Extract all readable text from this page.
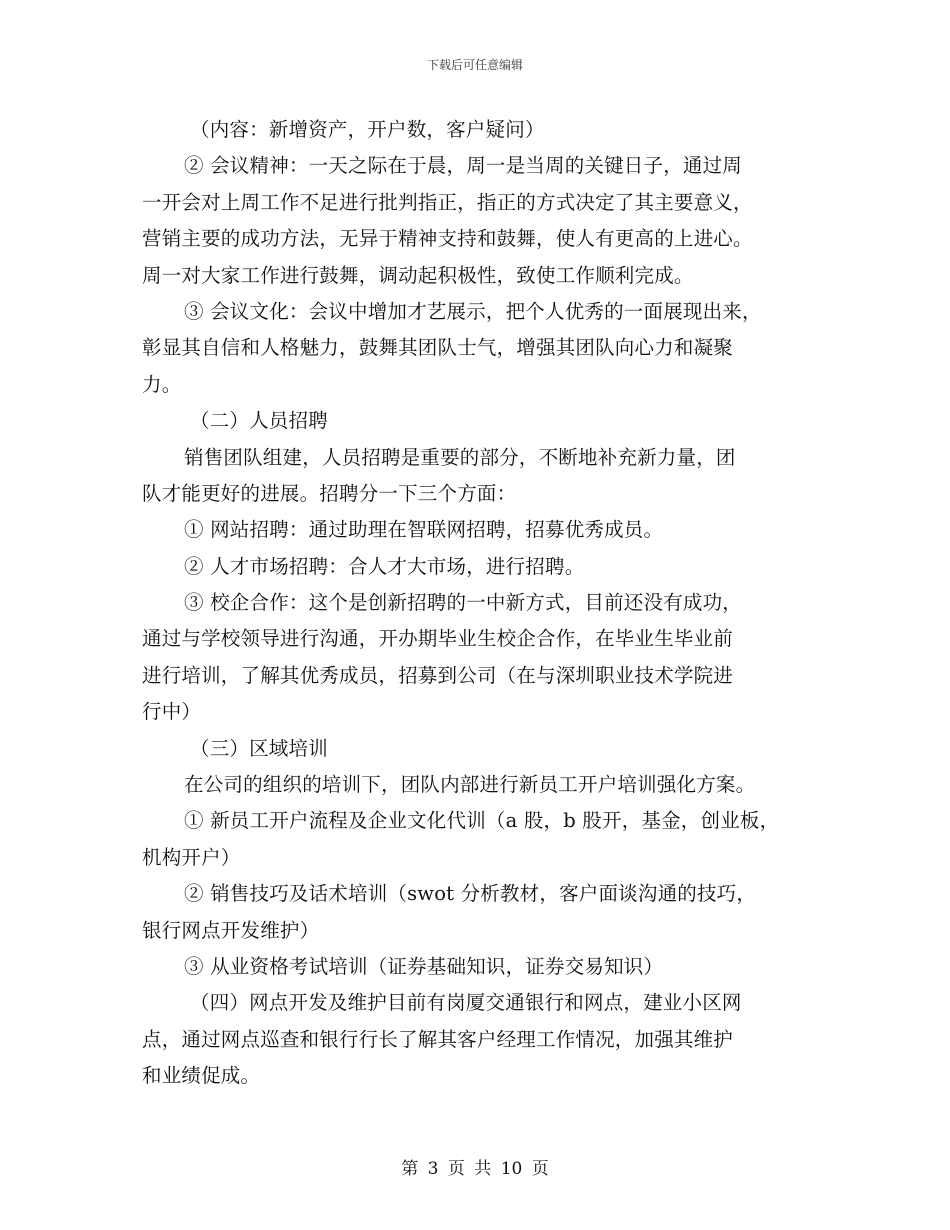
下载后可任意编辑
（内容：新增资产，开户数，客户疑问）
② 会议精神：一天之际在于晨，周一是当周的关键日子，通过周
一开会对上周工作不足进行批判指正，指正的方式决定了其主要意义，
营销主要的成功方法，无异于精神支持和鼓舞，使人有更高的上进心。
周一对大家工作进行鼓舞，调动起积极性，致使工作顺利完成。
③ 会议文化：会议中增加才艺展示，把个人优秀的一面展现出来，
彰显其自信和人格魅力，鼓舞其团队士气，增强其团队向心力和凝聚
力。
（二）人员招聘
销售团队组建，人员招聘是重要的部分，不断地补充新力量，团
队才能更好的进展。招聘分一下三个方面：
① 网站招聘：通过助理在智联网招聘，招募优秀成员。
② 人才市场招聘：合人才大市场，进行招聘。
③ 校企合作：这个是创新招聘的一中新方式，目前还没有成功，
通过与学校领导进行沟通，开办期毕业生校企合作，在毕业生毕业前
进行培训，了解其优秀成员，招募到公司（在与深圳职业技术学院进
行中）
（三）区域培训
在公司的组织的培训下，团队内部进行新员工开户培训强化方案。
① 新员工开户流程及企业文化代训（a 股，b 股开，基金，创业板，
机构开户）
② 销售技巧及话术培训（swot 分析教材，客户面谈沟通的技巧，
银行网点开发维护）
③ 从业资格考试培训（证券基础知识，证券交易知识）
（四）网点开发及维护目前有岗厦交通银行和网点，建业小区网
点，通过网点巡查和银行行长了解其客户经理工作情况，加强其维护
和业绩促成。
第 3 页 共 10 页
